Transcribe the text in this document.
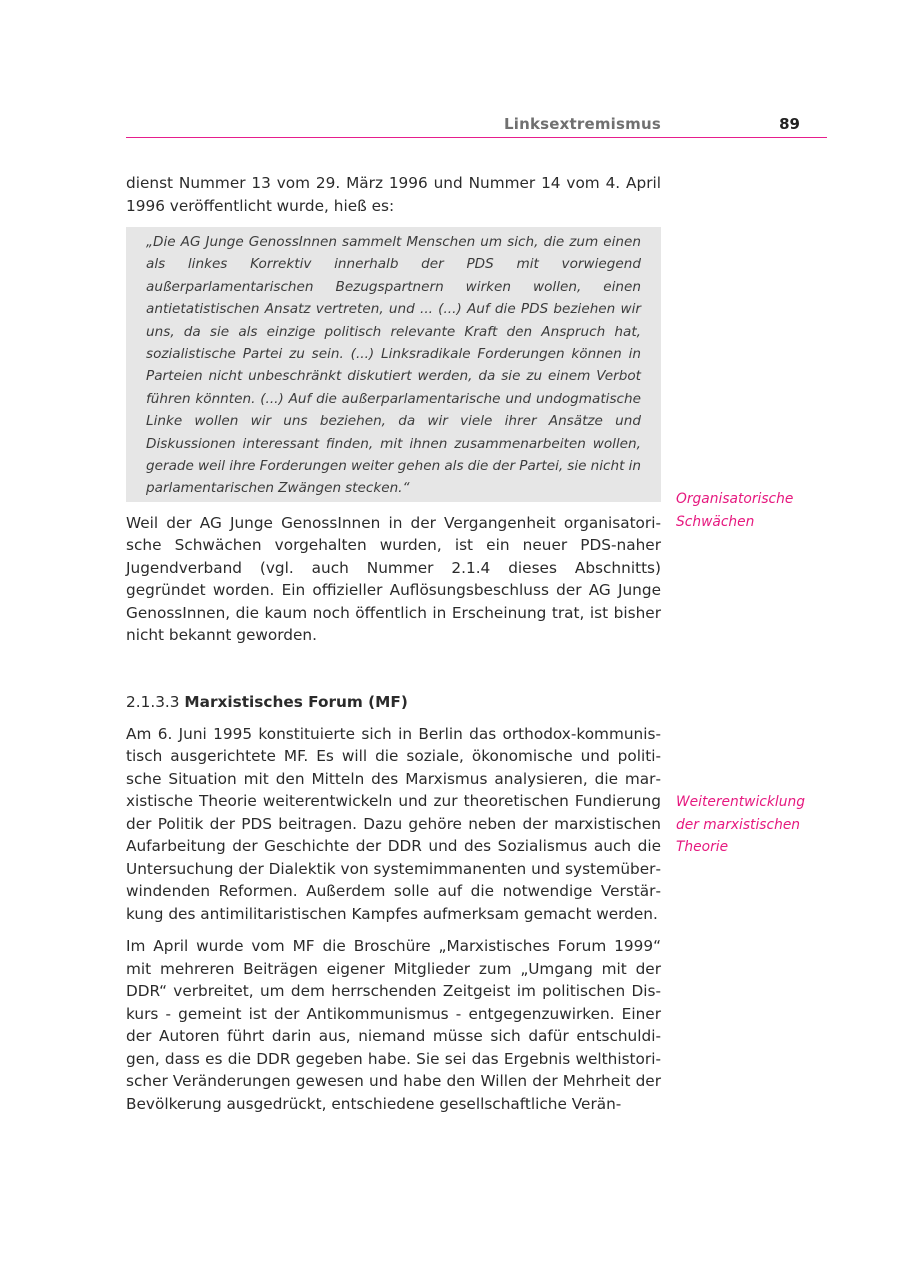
Linksextremismus	89

dienst Nummer 13 vom 29. März 1996 und Nummer 14 vom 4. April 1996 veröffentlicht wurde, hieß es:

„Die AG Junge GenossInnen sammelt Menschen um sich, die zum einen als linkes Korrektiv innerhalb der PDS mit vorwiegend außerparlamentarischen Bezugspartnern wirken wollen, einen antietatistischen Ansatz vertreten, und ... (...) Auf die PDS beziehen wir uns, da sie als einzige politisch relevante Kraft den Anspruch hat, sozialistische Partei zu sein. (...) Linksradikale Forderungen können in Parteien nicht unbeschränkt diskutiert werden, da sie zu einem Verbot führen könnten. (...) Auf die außerparlamentarische und undogmatische Linke wollen wir uns beziehen, da wir viele ihrer Ansätze und Diskussionen interessant finden, mit ihnen zusammenarbeiten wollen, gerade weil ihre Forderungen weiter gehen als die der Partei, sie nicht in parlamentarischen Zwängen stecken.“

Weil der AG Junge GenossInnen in der Vergangenheit organisatorische Schwächen vorgehalten wurden, ist ein neuer PDS-naher Jugendverband (vgl. auch Nummer 2.1.4 dieses Abschnitts) gegründet worden. Ein offizieller Auflösungsbeschluss der AG Junge GenossInnen, die kaum noch öffentlich in Erscheinung trat, ist bisher nicht bekannt geworden.

2.1.3.3 Marxistisches Forum (MF)

Am 6. Juni 1995 konstituierte sich in Berlin das orthodox-kommunistisch ausgerichtete MF. Es will die soziale, ökonomische und politische Situation mit den Mitteln des Marxismus analysieren, die marxistische Theorie weiterentwickeln und zur theoretischen Fundierung der Politik der PDS beitragen. Dazu gehöre neben der marxistischen Aufarbeitung der Geschichte der DDR und des Sozialismus auch die Untersuchung der Dialektik von systemimmanenten und systemüberwindenden Reformen. Außerdem solle auf die notwendige Verstärkung des antimilitaristischen Kampfes aufmerksam gemacht werden.

Im April wurde vom MF die Broschüre „Marxistisches Forum 1999“ mit mehreren Beiträgen eigener Mitglieder zum „Umgang mit der DDR“ verbreitet, um dem herrschenden Zeitgeist im politischen Diskurs - gemeint ist der Antikommunismus - entgegenzuwirken. Einer der Autoren führt darin aus, niemand müsse sich dafür entschuldigen, dass es die DDR gegeben habe. Sie sei das Ergebnis welthistorischer Veränderungen gewesen und habe den Willen der Mehrheit der Bevölkerung ausgedrückt, entschiedene gesellschaftliche Verän-

Organisatorische Schwächen
Weiterentwicklung der marxistischen Theorie
